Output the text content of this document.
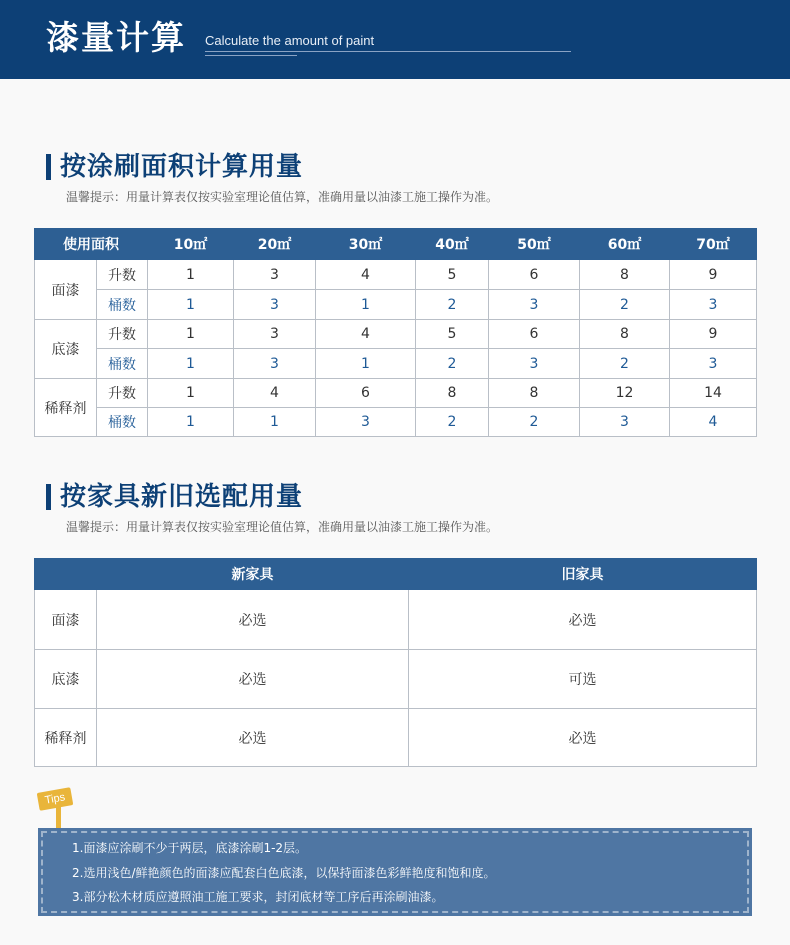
漆量计算 Calculate the amount of paint
按涂刷面积计算用量
温馨提示：用量计算表仅按实验室理论值估算，准确用量以油漆工施工操作为准。
使用面积		10㎡	20㎡	30㎡	40㎡	50㎡	60㎡	70㎡
面漆	升数	1	3	4	5	6	8	9
	桶数	1	3	1	2	3	2	3
底漆	升数	1	3	4	5	6	8	9
	桶数	1	3	1	2	3	2	3
稀释剂	升数	1	4	6	8	8	12	14
	桶数	1	1	3	2	2	3	4
按家具新旧选配用量
温馨提示：用量计算表仅按实验室理论值估算，准确用量以油漆工施工操作为准。
	新家具	旧家具
面漆	必选	必选
底漆	必选	可选
稀释剂	必选	必选
Tips

1.面漆应涂刷不少于两层，底漆涂刷1-2层。

2.选用浅色/鲜艳颜色的面漆应配套白色底漆，以保持面漆色彩鲜艳度和饱和度。

3.部分松木材质应遵照油工施工要求，封闭底材等工序后再涂刷油漆。
